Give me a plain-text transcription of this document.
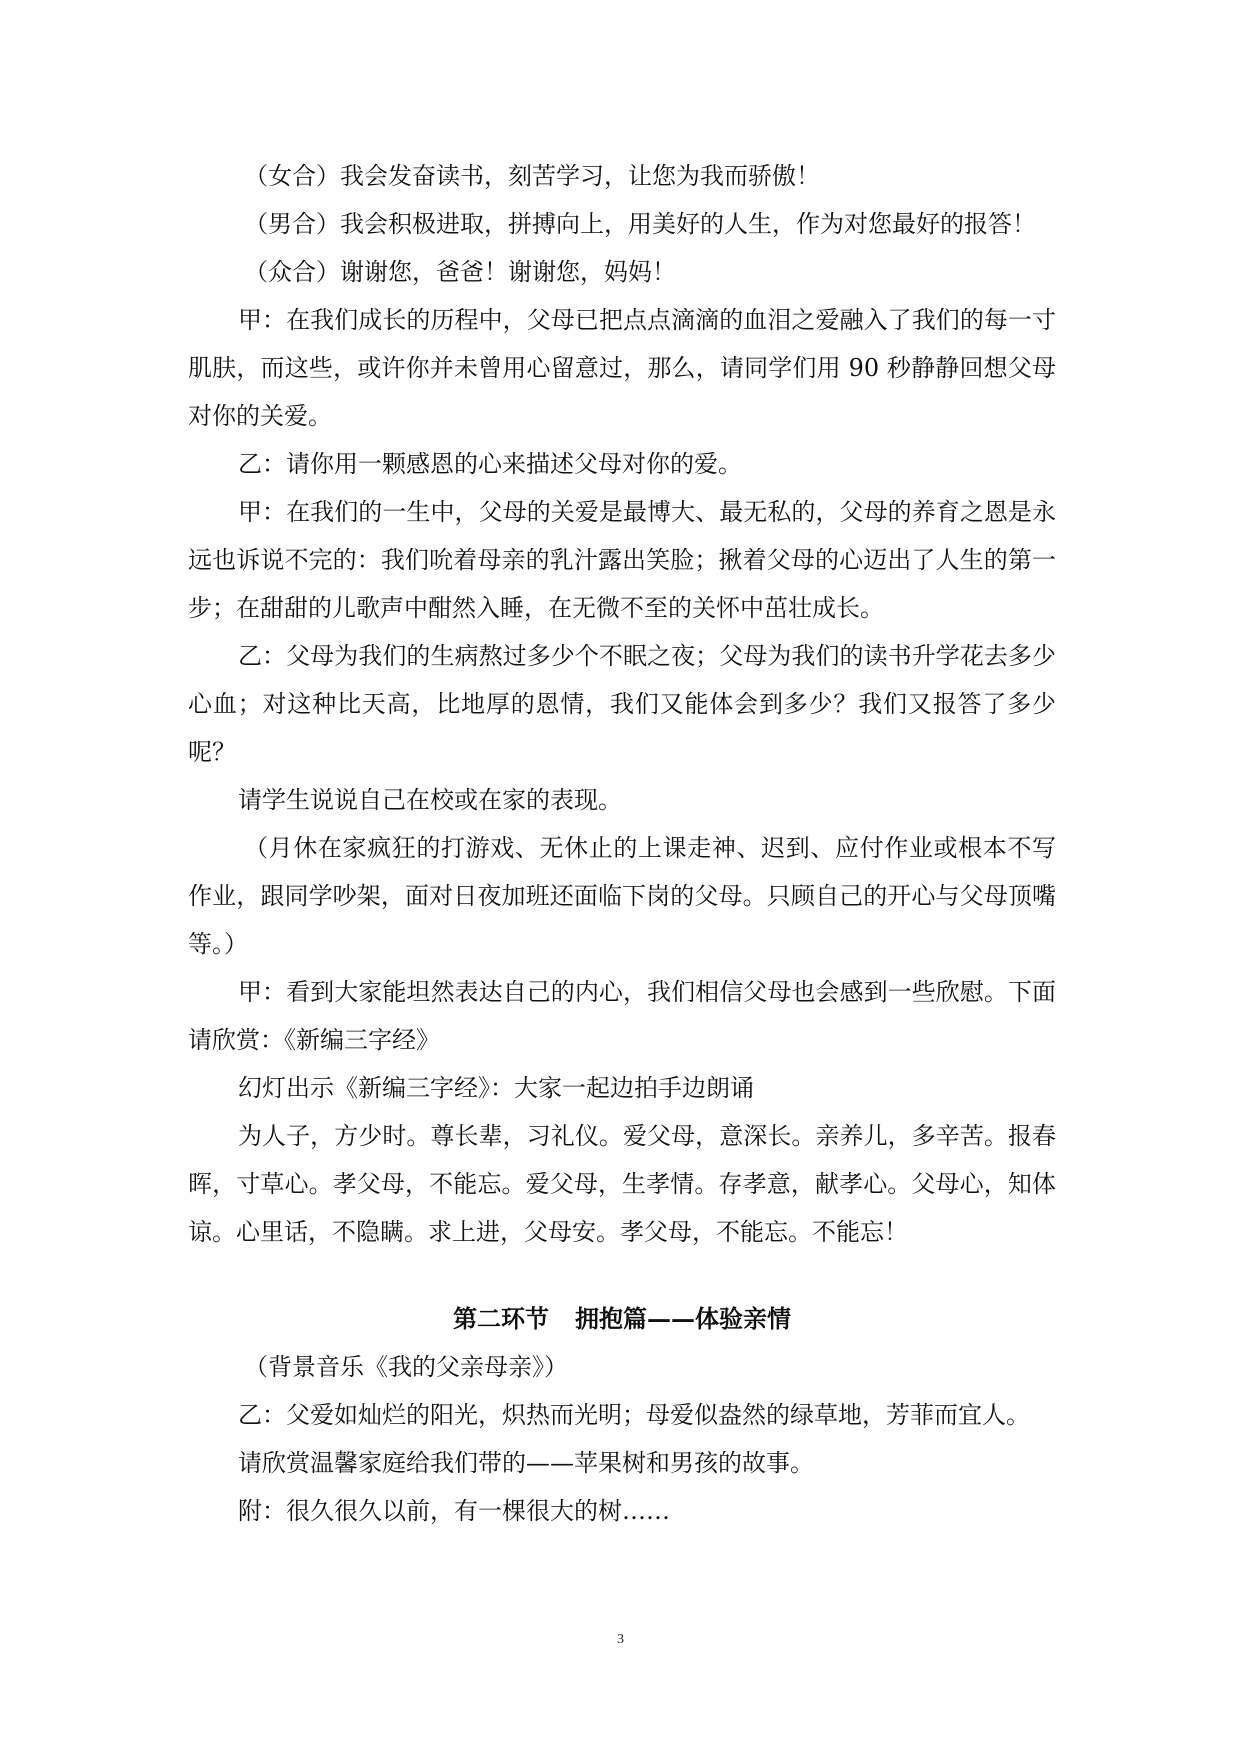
（女合）我会发奋读书，刻苦学习，让您为我而骄傲！

（男合）我会积极进取，拼搏向上，用美好的人生，作为对您最好的报答！

（众合）谢谢您，爸爸！谢谢您，妈妈！

甲：在我们成长的历程中，父母已把点点滴滴的血泪之爱融入了我们的每一寸肌肤，而这些，或许你并未曾用心留意过，那么，请同学们用 90 秒静静回想父母对你的关爱。

乙：请你用一颗感恩的心来描述父母对你的爱。

甲：在我们的一生中，父母的关爱是最博大、最无私的，父母的养育之恩是永远也诉说不完的：我们吮着母亲的乳汁露出笑脸；揪着父母的心迈出了人生的第一步；在甜甜的儿歌声中酣然入睡，在无微不至的关怀中茁壮成长。

乙：父母为我们的生病熬过多少个不眠之夜；父母为我们的读书升学花去多少心血；对这种比天高，比地厚的恩情，我们又能体会到多少？我们又报答了多少呢？

请学生说说自己在校或在家的表现。

（月休在家疯狂的打游戏、无休止的上课走神、迟到、应付作业或根本不写作业，跟同学吵架，面对日夜加班还面临下岗的父母。只顾自己的开心与父母顶嘴等。）

甲：看到大家能坦然表达自己的内心，我们相信父母也会感到一些欣慰。下面请欣赏：《新编三字经》

幻灯出示《新编三字经》：大家一起边拍手边朗诵

为人子，方少时。尊长辈，习礼仪。爱父母，意深长。亲养儿，多辛苦。报春晖，寸草心。孝父母，不能忘。爱父母，生孝情。存孝意，献孝心。父母心，知体谅。心里话，不隐瞒。求上进，父母安。孝父母，不能忘。不能忘！

第二环节 拥抱篇——体验亲情

（背景音乐《我的父亲母亲》）

乙：父爱如灿烂的阳光，炽热而光明；母爱似盎然的绿草地，芳菲而宜人。

请欣赏温馨家庭给我们带的——苹果树和男孩的故事。

附：很久很久以前，有一棵很大的树……

3
